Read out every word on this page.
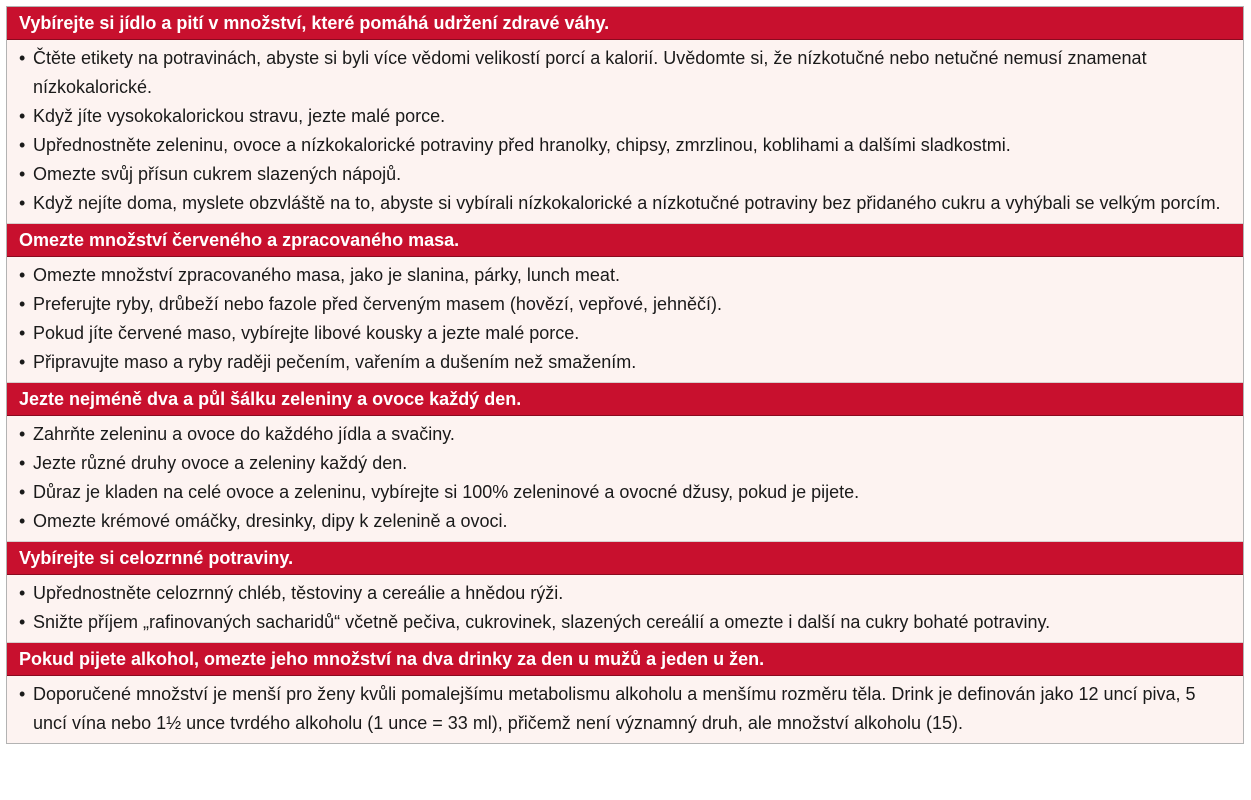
Vybírejte si jídlo a pití v množství, které pomáhá udržení zdravé váhy.
• Čtěte etikety na potravinách, abyste si byli více vědomi velikostí porcí a kalorií. Uvědomte si, že nízkotučné nebo netučné nemusí znamenat nízkokalorické.
• Když jíte vysokokalorickou stravu, jezte malé porce.
• Upřednostněte zeleninu, ovoce a nízkokalorické potraviny před hranolky, chipsy, zmrzlinou, koblihami a dalšími sladkostmi.
• Omezte svůj přísun cukrem slazených nápojů.
• Když nejíte doma, myslete obzvláště na to, abyste si vybírali nízkokalorické a nízkotučné potraviny bez přidaného cukru a vyhýbali se velkým porcím.
Omezte množství červeného a zpracovaného masa.
• Omezte množství zpracovaného masa, jako je slanina, párky, lunch meat.
• Preferujte ryby, drůbeží nebo fazole před červeným masem (hovězí, vepřové, jehněčí).
• Pokud jíte červené maso, vybírejte libové kousky a jezte malé porce.
• Připravujte maso a ryby raději pečením, vařením a dušením než smažením.
Jezte nejméně dva a půl šálku zeleniny a ovoce každý den.
• Zahrňte zeleninu a ovoce do každého jídla a svačiny.
• Jezte různé druhy ovoce a zeleniny každý den.
• Důraz je kladen na celé ovoce a zeleninu, vybírejte si 100% zeleninové a ovocné džusy, pokud je pijete.
• Omezte krémové omáčky, dresinky, dipy k zelenině a ovoci.
Vybírejte si celozrnné potraviny.
• Upřednostněte celozrnný chléb, těstoviny a cereálie a hnědou rýži.
• Snižte příjem „rafinovaných sacharidů“ včetně pečiva, cukrovinek, slazených cereálií a omezte i další na cukry bohaté potraviny.
Pokud pijete alkohol, omezte jeho množství na dva drinky za den u mužů a jeden u žen.
• Doporučené množství je menší pro ženy kvůli pomalejšímu metabolismu alkoholu a menšímu rozměru těla. Drink je definován jako 12 uncí piva, 5 uncí vína nebo 1½ unce tvrdého alkoholu (1 unce = 33 ml), přičemž není významný druh, ale množství alkoholu (15).
